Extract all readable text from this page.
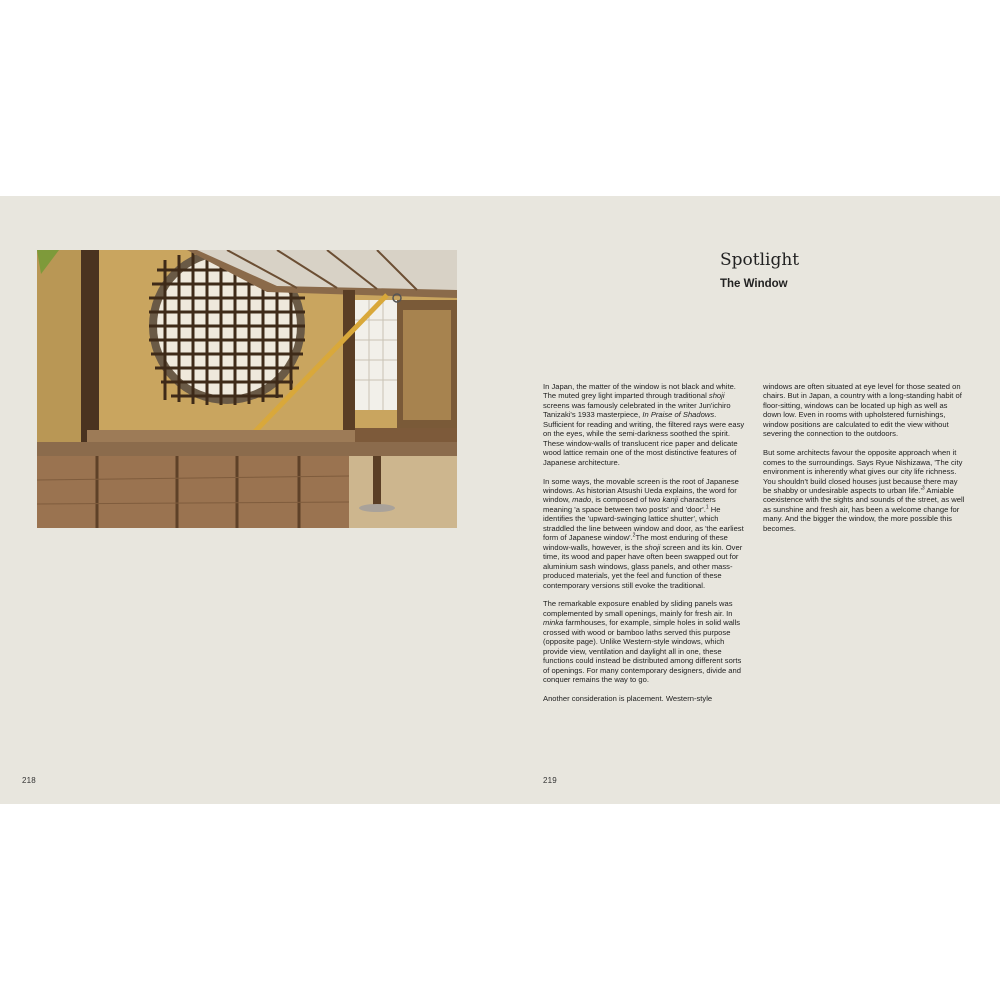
Spotlight
The Window

In Japan, the matter of the window is not black and white. The muted grey light imparted through traditional shoji screens was famously celebrated in the writer Jun'ichiro Tanizaki's 1933 masterpiece, In Praise of Shadows. Sufficient for reading and writing, the filtered rays were easy on the eyes, while the semi-darkness soothed the spirit. These window-walls of translucent rice paper and delicate wood lattice remain one of the most distinctive features of Japanese architecture.

In some ways, the movable screen is the root of Japanese windows. As historian Atsushi Ueda explains, the word for window, mado, is composed of two kanji characters meaning 'a space between two posts' and 'door'.$^1$ He identifies the 'upward-swinging lattice shutter', which straddled the line between window and door, as 'the earliest form of Japanese window'.$^2$The most enduring of these window-walls, however, is the shoji screen and its kin. Over time, its wood and paper have often been swapped out for aluminium sash windows, glass panels, and other mass-produced materials, yet the feel and function of these contemporary versions still evoke the traditional.

The remarkable exposure enabled by sliding panels was complemented by small openings, mainly for fresh air. In minka farmhouses, for example, simple holes in solid walls crossed with wood or bamboo laths served this purpose (opposite page). Unlike Western-style windows, which provide view, ventilation and daylight all in one, these functions could instead be distributed among different sorts of openings. For many contemporary designers, divide and conquer remains the way to go.

Another consideration is placement. Western-style

windows are often situated at eye level for those seated on chairs. But in Japan, a country with a long-standing habit of floor-sitting, windows can be located up high as well as down low. Even in rooms with upholstered furnishings, window positions are calculated to edit the view without severing the connection to the outdoors.

But some architects favour the opposite approach when it comes to the surroundings. Says Ryue Nishizawa, 'The city environment is inherently what gives our city life richness. You shouldn't build closed houses just because there may be shabby or undesirable aspects to urban $life.'^3$ Amiable coexistence with the sights and sounds of the street, as well as sunshine and fresh air, has been a welcome change for many. And the bigger the window, the more possible this becomes.

218	219
